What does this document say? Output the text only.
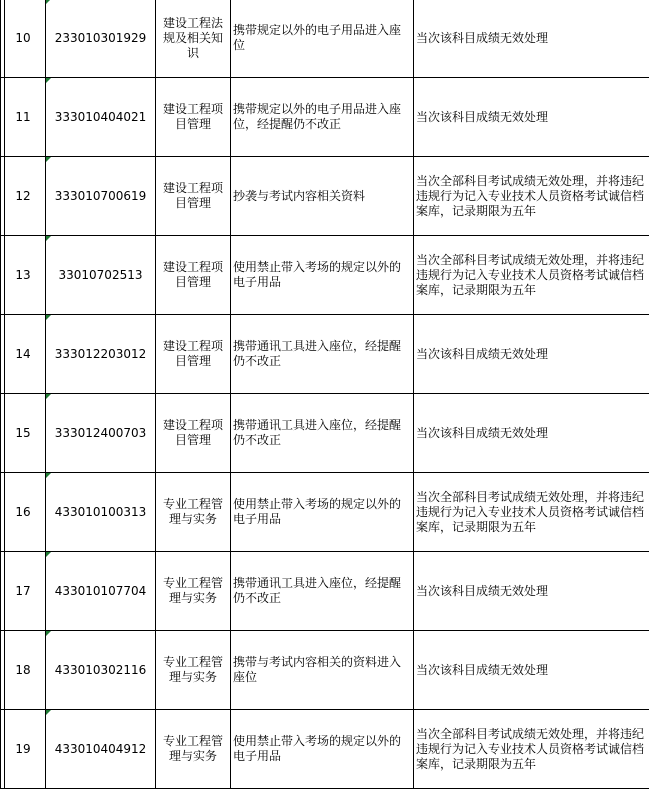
10	233010301929	建设工程法规及相关知识	携带规定以外的电子用品进入座位	当次该科目成绩无效处理
11	333010404021	建设工程项目管理	携带规定以外的电子用品进入座位，经提醒仍不改正	当次该科目成绩无效处理
12	333010700619	建设工程项目管理	抄袭与考试内容相关资料	当次全部科目考试成绩无效处理，并将违纪违规行为记入专业技术人员资格考试诚信档案库，记录期限为五年
13	33010702513	建设工程项目管理	使用禁止带入考场的规定以外的电子用品	当次全部科目考试成绩无效处理，并将违纪违规行为记入专业技术人员资格考试诚信档案库，记录期限为五年
14	333012203012	建设工程项目管理	携带通讯工具进入座位，经提醒仍不改正	当次该科目成绩无效处理
15	333012400703	建设工程项目管理	携带通讯工具进入座位，经提醒仍不改正	当次该科目成绩无效处理
16	433010100313	专业工程管理与实务	使用禁止带入考场的规定以外的电子用品	当次全部科目考试成绩无效处理，并将违纪违规行为记入专业技术人员资格考试诚信档案库，记录期限为五年
17	433010107704	专业工程管理与实务	携带通讯工具进入座位，经提醒仍不改正	当次该科目成绩无效处理
18	433010302116	专业工程管理与实务	携带与考试内容相关的资料进入座位	当次该科目成绩无效处理
19	433010404912	专业工程管理与实务	使用禁止带入考场的规定以外的电子用品	当次全部科目考试成绩无效处理，并将违纪违规行为记入专业技术人员资格考试诚信档案库，记录期限为五年
